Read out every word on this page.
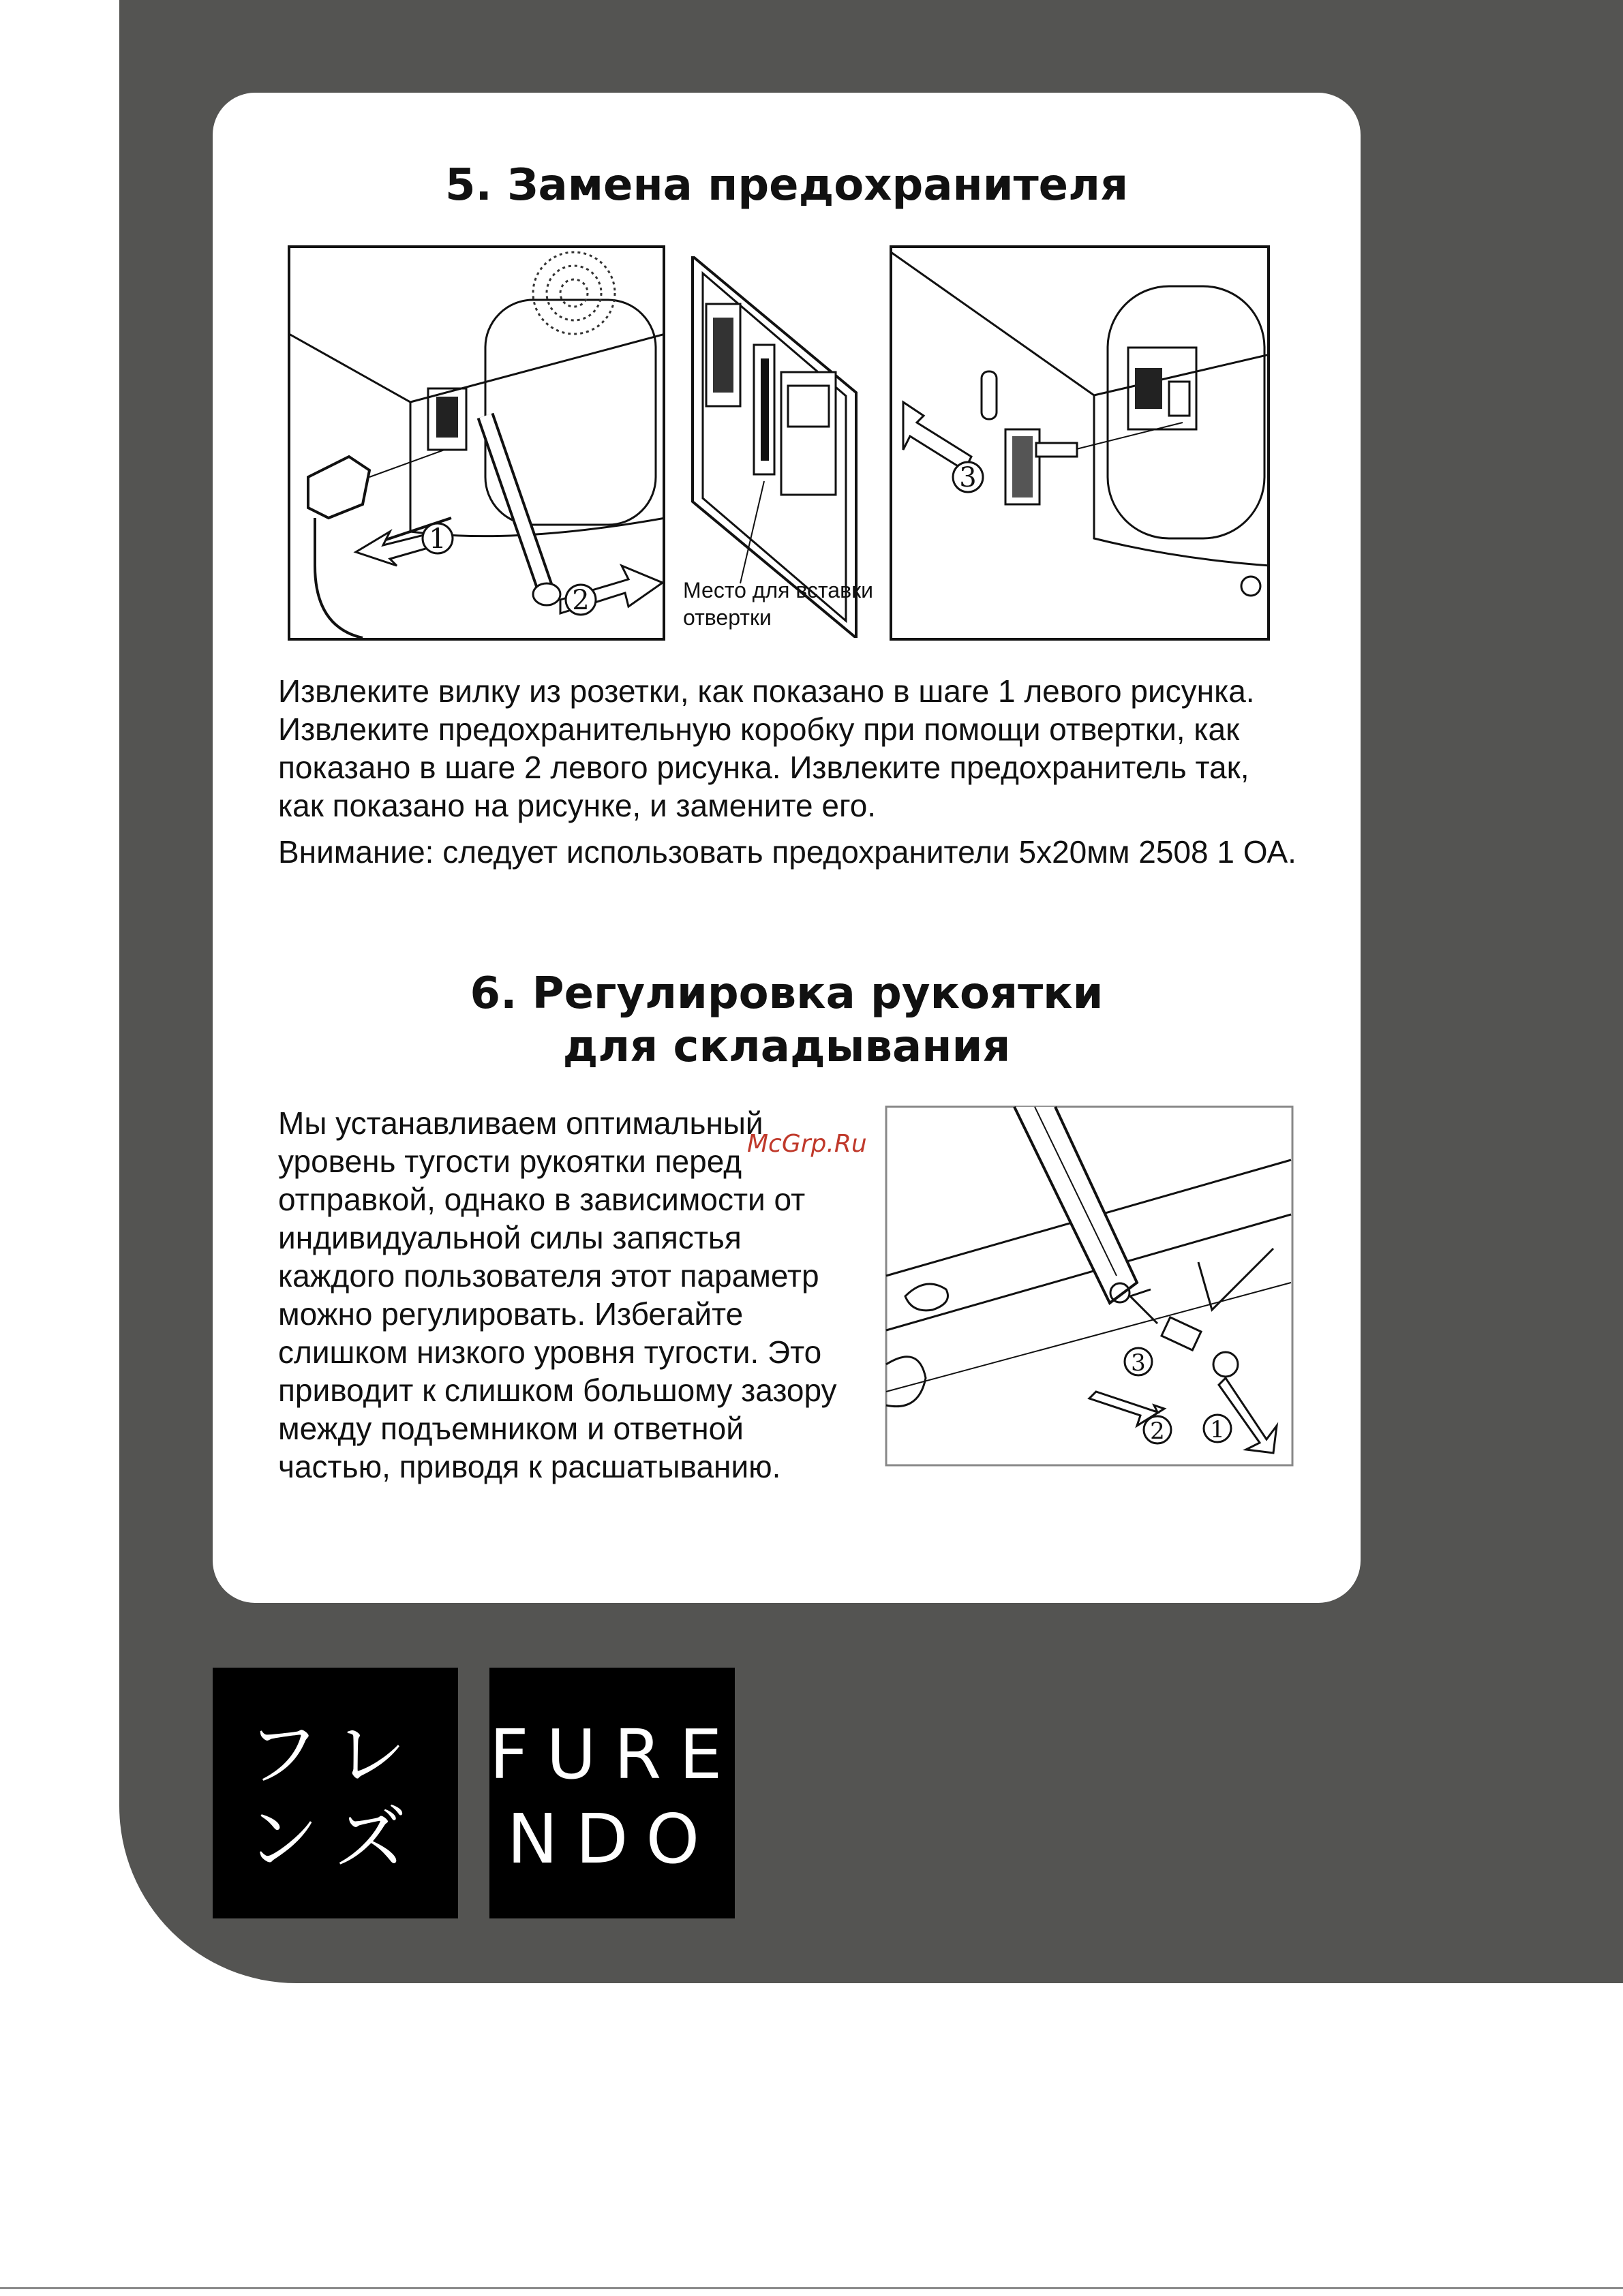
5. Замена предохранителя
1
2	Место для вставки отвертки
3

Извлеките вилку из розетки, как показано в шаге 1 левого рисунка. Извлеките предохранительную коробку при помощи отвертки, как показано в шаге 2 левого рисунка. Извлеките предохранитель так, как показано на рисунке, и замените его.

Внимание: следует использовать предохранители 5х20мм 2508 1 ОА.

6. Регулировка рукоятки
для складывания

Мы устанавливаем оптимальный уровень тугости рукоятки перед отправкой, однако в зависимости от индивидуальной силы запястья каждого пользователя этот параметр можно регулировать. Избегайте слишком низкого уровня тугости. Это приводит к слишком большому зазору между подъемником и ответной частью, приводя к расшатыванию.

3
2 1
McGrp.Ru
フレ
ンズ
FURE
NDO
